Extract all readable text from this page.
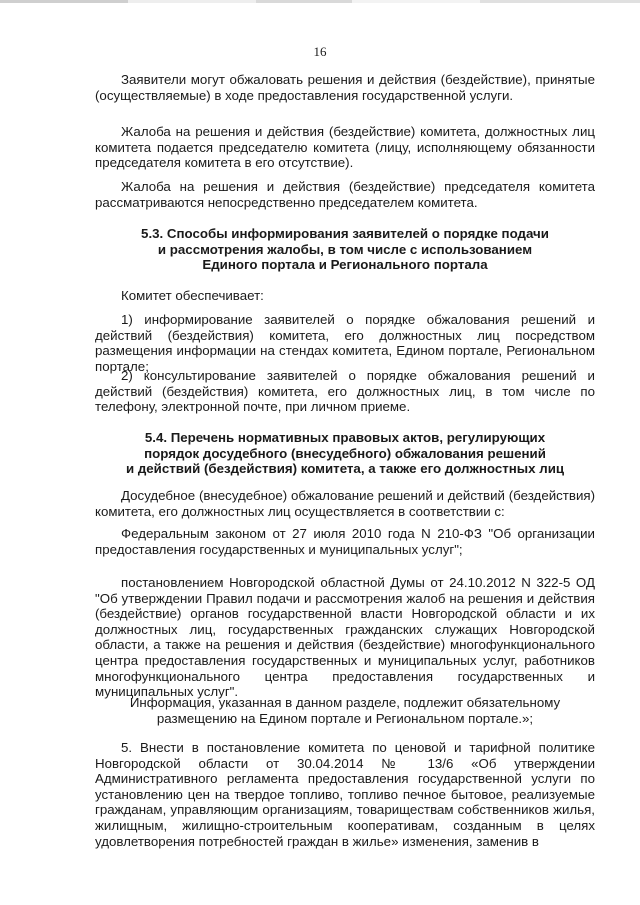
16

Заявители могут обжаловать решения и действия (бездействие), принятые (осуществляемые) в ходе предоставления государственной услуги.

Жалоба на решения и действия (бездействие) комитета, должностных лиц комитета подается председателю комитета (лицу, исполняющему обязанности председателя комитета в его отсутствие).

Жалоба на решения и действия (бездействие) председателя комитета рассматриваются непосредственно председателем комитета.

5.3. Способы информирования заявителей о порядке подачи
и рассмотрения жалобы, в том числе с использованием
Единого портала и Регионального портала

Комитет обеспечивает:

1) информирование заявителей о порядке обжалования решений и действий (бездействия) комитета, его должностных лиц посредством размещения информации на стендах комитета, Едином портале, Региональном портале;

2) консультирование заявителей о порядке обжалования решений и действий (бездействия) комитета, его должностных лиц, в том числе по телефону, электронной почте, при личном приеме.

5.4. Перечень нормативных правовых актов, регулирующих
порядок досудебного (внесудебного) обжалования решений
и действий (бездействия) комитета, а также его должностных лиц

Досудебное (внесудебное) обжалование решений и действий (бездействия) комитета, его должностных лиц осуществляется в соответствии с:

Федеральным законом от 27 июля 2010 года N 210-ФЗ "Об организации предоставления государственных и муниципальных услуг";

постановлением Новгородской областной Думы от 24.10.2012 N 322-5 ОД "Об утверждении Правил подачи и рассмотрения жалоб на решения и действия (бездействие) органов государственной власти Новгородской области и их должностных лиц, государственных гражданских служащих Новгородской области, а также на решения и действия (бездействие) многофункционального центра предоставления государственных и муниципальных услуг, работников многофункционального центра предоставления государственных и муниципальных услуг".

Информация, указанная в данном разделе, подлежит обязательному
размещению на Едином портале и Региональном портале.»;

5. Внести в постановление комитета по ценовой и тарифной политике Новгородской области от 30.04.2014 № 13/6 «Об утверждении Административного регламента предоставления государственной услуги по установлению цен на твердое топливо, топливо печное бытовое, реализуемые гражданам, управляющим организациям, товариществам собственников жилья, жилищным, жилищно-строительным кооперативам, созданным в целях удовлетворения потребностей граждан в жилье» изменения, заменив в
